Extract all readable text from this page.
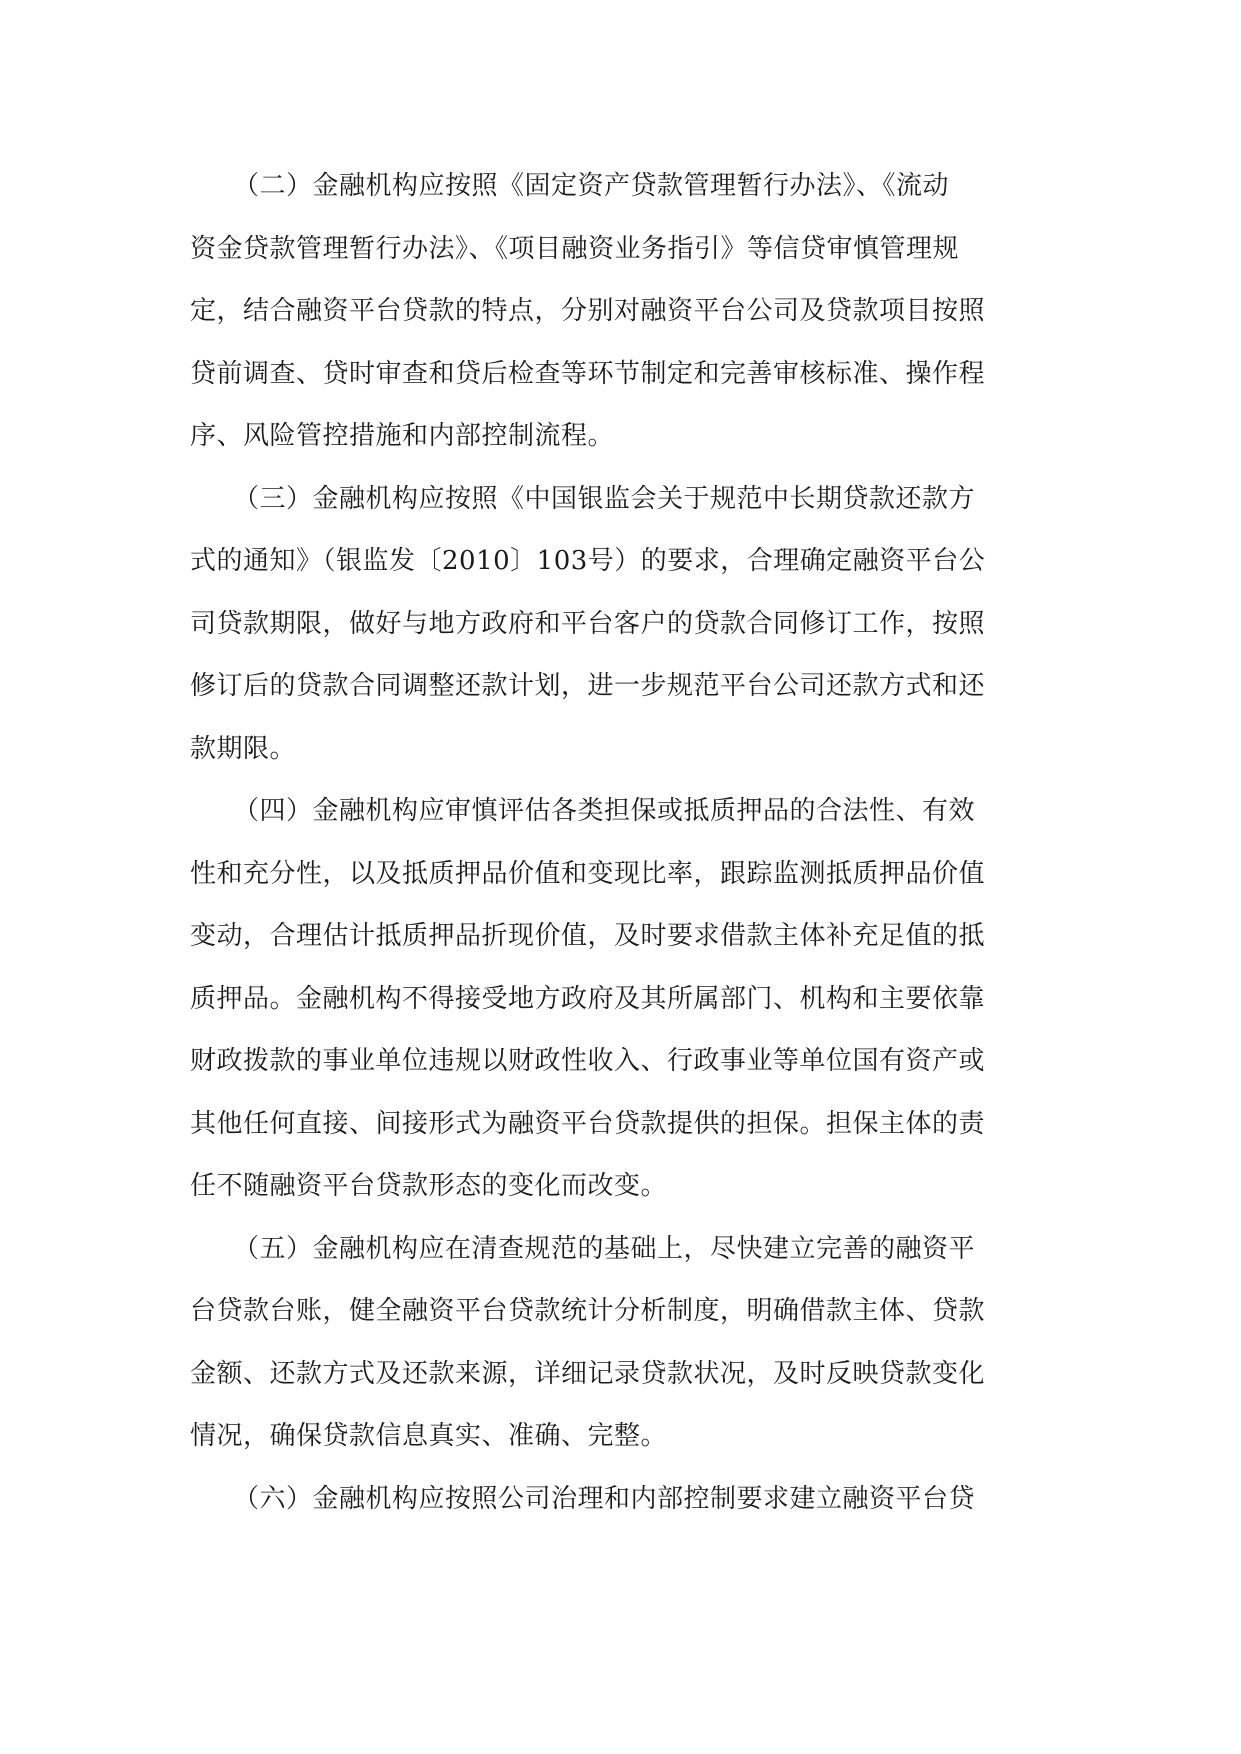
（二）金融机构应按照《固定资产贷款管理暂行办法》、《流动
资金贷款管理暂行办法》、《项目融资业务指引》等信贷审慎管理规
定，结合融资平台贷款的特点，分别对融资平台公司及贷款项目按照
贷前调查、贷时审查和贷后检查等环节制定和完善审核标准、操作程
序、风险管控措施和内部控制流程。
（三）金融机构应按照《中国银监会关于规范中长期贷款还款方
式的通知》（银监发〔2010〕103号）的要求，合理确定融资平台公
司贷款期限，做好与地方政府和平台客户的贷款合同修订工作，按照
修订后的贷款合同调整还款计划，进一步规范平台公司还款方式和还
款期限。
（四）金融机构应审慎评估各类担保或抵质押品的合法性、有效
性和充分性，以及抵质押品价值和变现比率，跟踪监测抵质押品价值
变动，合理估计抵质押品折现价值，及时要求借款主体补充足值的抵
质押品。金融机构不得接受地方政府及其所属部门、机构和主要依靠
财政拨款的事业单位违规以财政性收入、行政事业等单位国有资产或
其他任何直接、间接形式为融资平台贷款提供的担保。担保主体的责
任不随融资平台贷款形态的变化而改变。
（五）金融机构应在清查规范的基础上，尽快建立完善的融资平
台贷款台账，健全融资平台贷款统计分析制度，明确借款主体、贷款
金额、还款方式及还款来源，详细记录贷款状况，及时反映贷款变化
情况，确保贷款信息真实、准确、完整。
（六）金融机构应按照公司治理和内部控制要求建立融资平台贷
